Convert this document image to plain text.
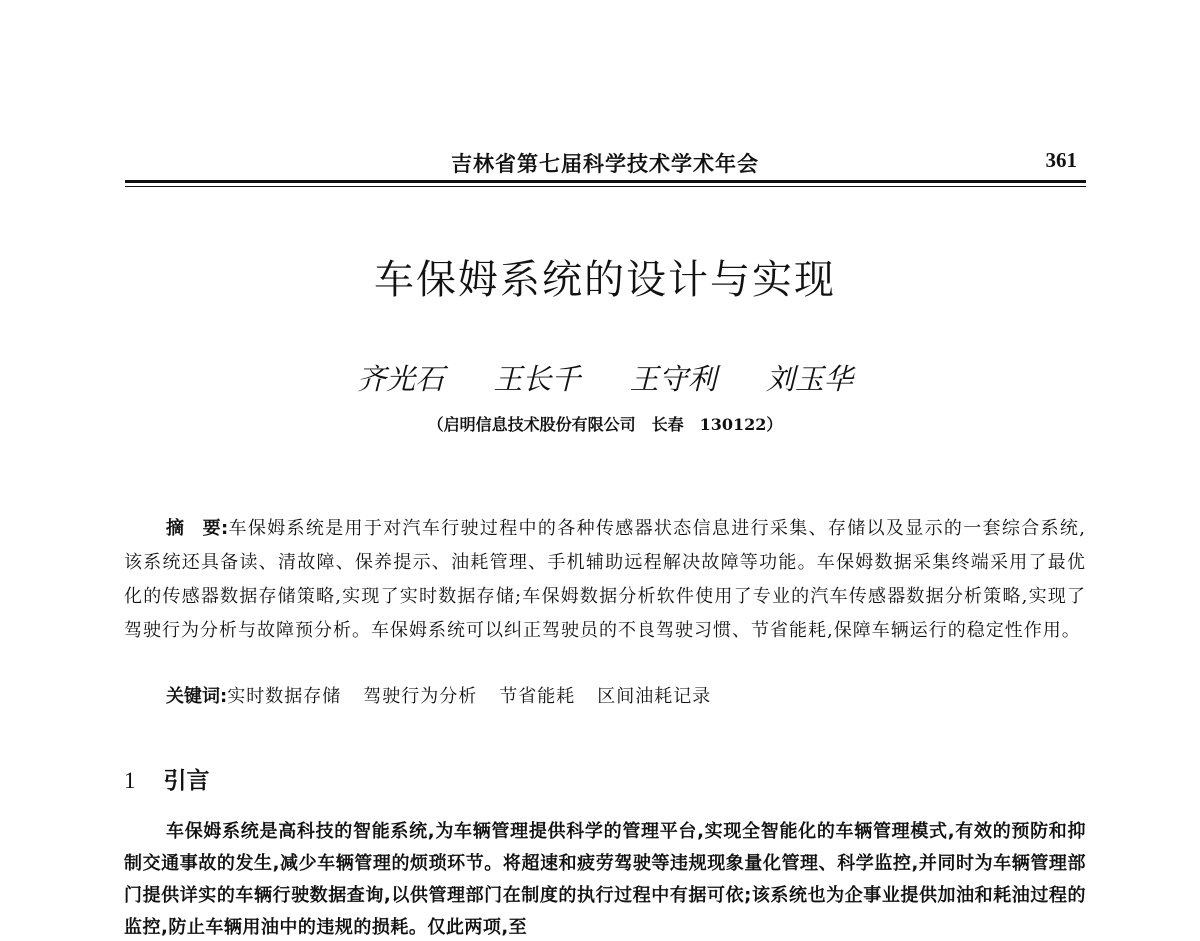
吉林省第七届科学技术学术年会	361
车保姆系统的设计与实现
齐光石 王长千 王守利 刘玉华
（启明信息技术股份有限公司　长春　130122）
摘　要:车保姆系统是用于对汽车行驶过程中的各种传感器状态信息进行采集、存储以及显示的一套综合系统,该系统还具备读、清故障、保养提示、油耗管理、手机辅助远程解决故障等功能。车保姆数据采集终端采用了最优化的传感器数据存储策略,实现了实时数据存储;车保姆数据分析软件使用了专业的汽车传感器数据分析策略,实现了驾驶行为分析与故障预分析。车保姆系统可以纠正驾驶员的不良驾驶习惯、节省能耗,保障车辆运行的稳定性作用。
关键词:实时数据存储 驾驶行为分析 节省能耗 区间油耗记录
1 引言
车保姆系统是高科技的智能系统,为车辆管理提供科学的管理平台,实现全智能化的车辆管理模式,有效的预防和抑制交通事故的发生,减少车辆管理的烦琐环节。将超速和疲劳驾驶等违规现象量化管理、科学监控,并同时为车辆管理部门提供详实的车辆行驶数据查询,以供管理部门在制度的执行过程中有据可依;该系统也为企事业提供加油和耗油过程的监控,防止车辆用油中的违规的损耗。仅此两项,至
